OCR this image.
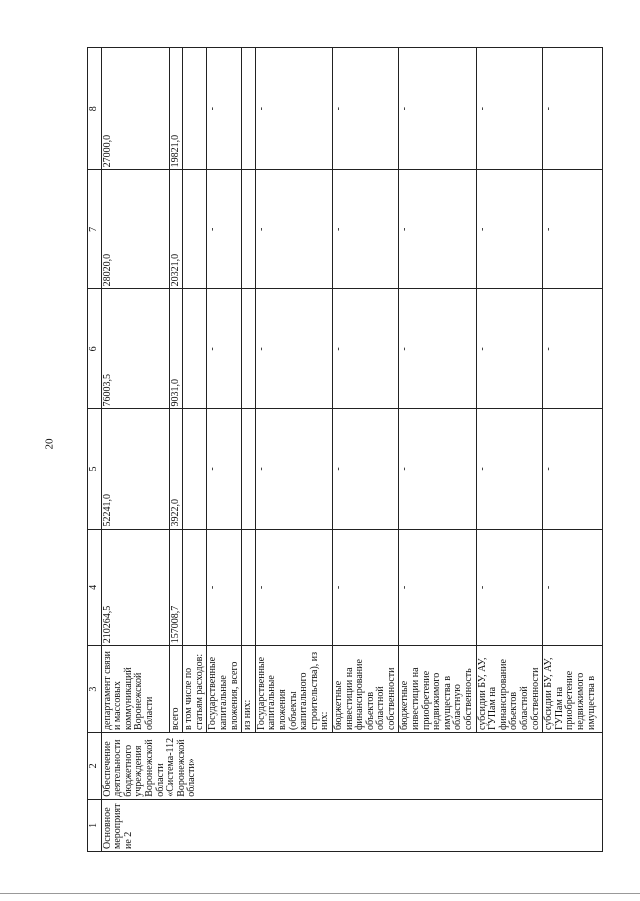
20
1	2	3	4	5	6	7	8
Основное мероприятие 2	Обеспечение деятельности бюджетного учреждения Воронежской области «Система-112 Воронежской области»	департамент связи и массовых коммуникаций Воронежской области	210264,5	52241,0	76003,5	28020,0	27000,0
		всего	157008,7	3922,0	9031,0	20321,0	19821,0
		в том числе по статьям расходов:					
		Государственные капитальные вложения, всего	-	-	-	-	-
		из них:					
		Государственные капитальные вложения (объекты капитального строительства), из них:	-	-	-	-	-
		бюджетные инвестиции на финансирование объектов областной собственности	-	-	-	-	-
		бюджетные инвестиции на приобретение недвижимого имущества в областную собственность	-	-	-	-	-
		субсидии БУ, АУ, ГУПам на финансирование объектов областной собственности	-	-	-	-	-
		субсидии БУ, АУ, ГУПам на приобретение недвижимого имущества в	-	-	-	-	-
